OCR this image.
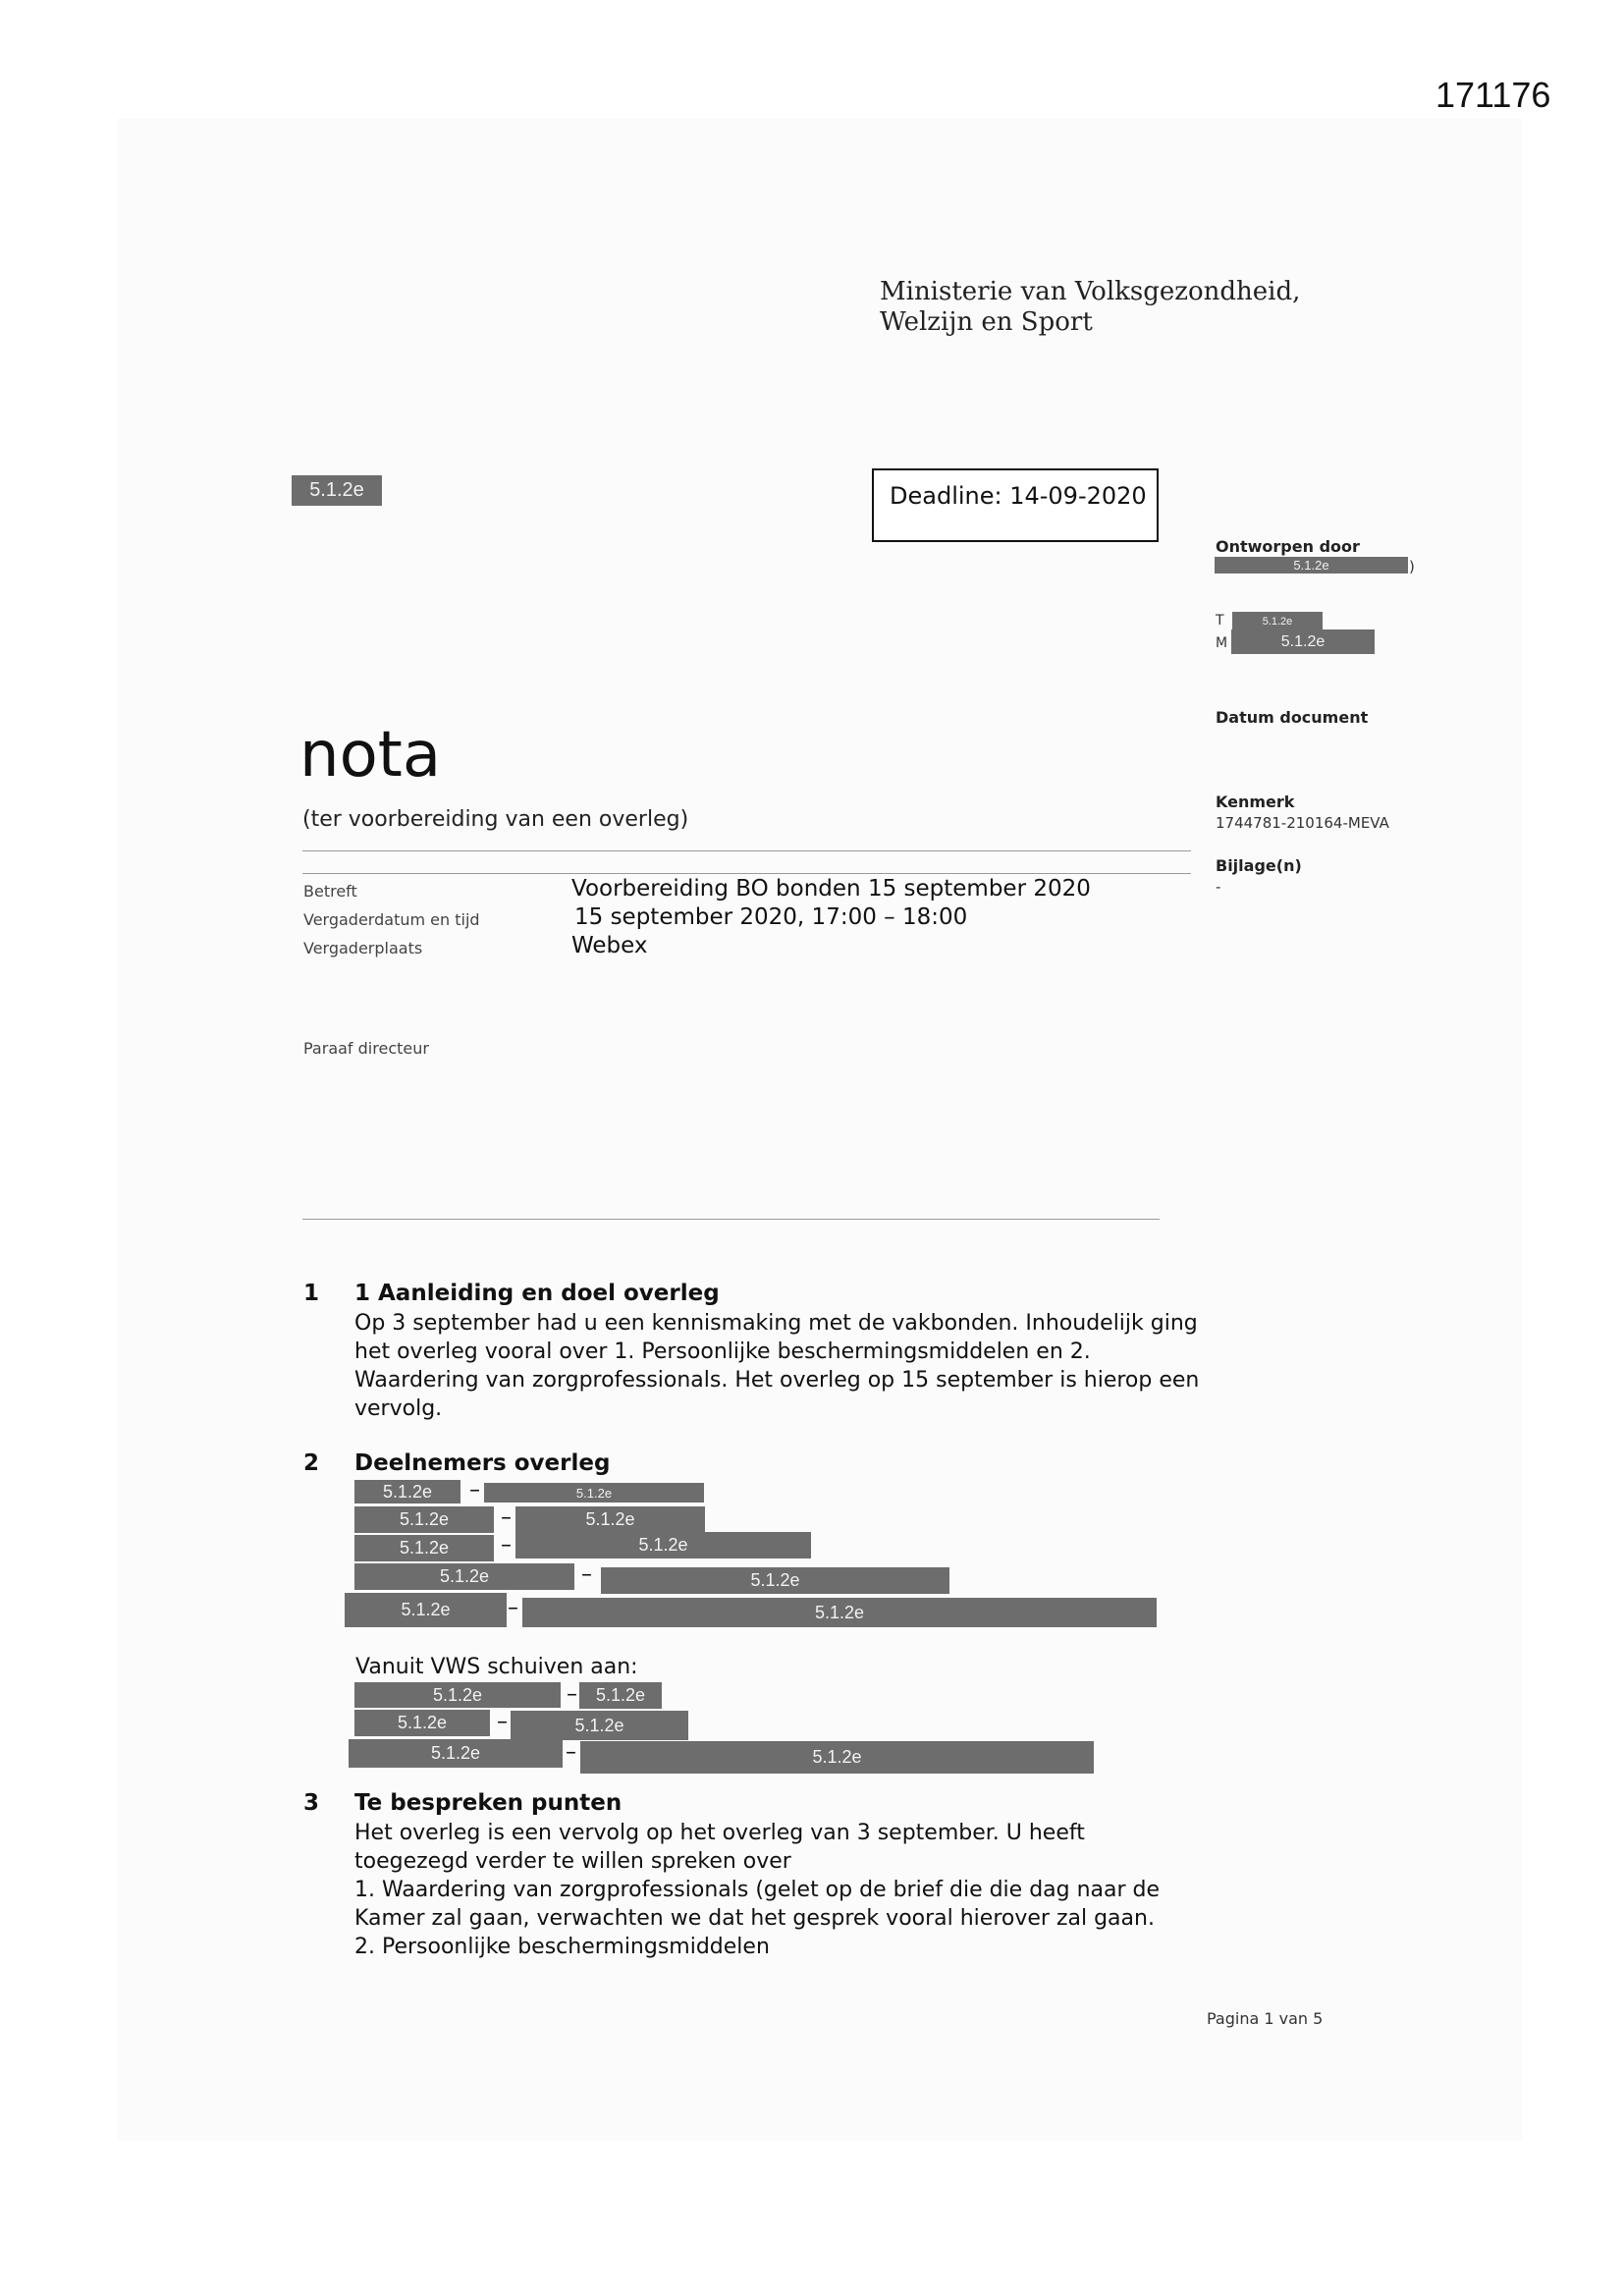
171176
Ministerie van Volksgezondheid,
Welzijn en Sport
5.1.2e	Deadline: 14-09-2020
Ontworpen door
5.1.2e	)
T	5.1.2e
M	5.1.2e
Datum document
Kenmerk
1744781-210164-MEVA
Bijlage(n)
-
nota
(ter voorbereiding van een overleg)
Betreft	Voorbereiding BO bonden 15 september 2020
Vergaderdatum en tijd	15 september 2020, 17:00 – 18:00
Vergaderplaats	Webex
Paraaf directeur
1 1 Aanleiding en doel overleg
Op 3 september had u een kennismaking met de vakbonden. Inhoudelijk ging
het overleg vooral over 1. Persoonlijke beschermingsmiddelen en 2.
Waardering van zorgprofessionals. Het overleg op 15 september is hierop een
vervolg.
2 Deelnemers overleg
5.1.2e	–	5.1.2e
5.1.2e	–	5.1.2e
5.1.2e	–	5.1.2e
5.1.2e	–	5.1.2e
5.1.2e	–	5.1.2e
Vanuit VWS schuiven aan:
5.1.2e	–	5.1.2e
5.1.2e	–	5.1.2e
5.1.2e	–	5.1.2e
3 Te bespreken punten
Het overleg is een vervolg op het overleg van 3 september. U heeft
toegezegd verder te willen spreken over
1. Waardering van zorgprofessionals (gelet op de brief die die dag naar de
Kamer zal gaan, verwachten we dat het gesprek vooral hierover zal gaan.
2. Persoonlijke beschermingsmiddelen
Pagina 1 van 5
